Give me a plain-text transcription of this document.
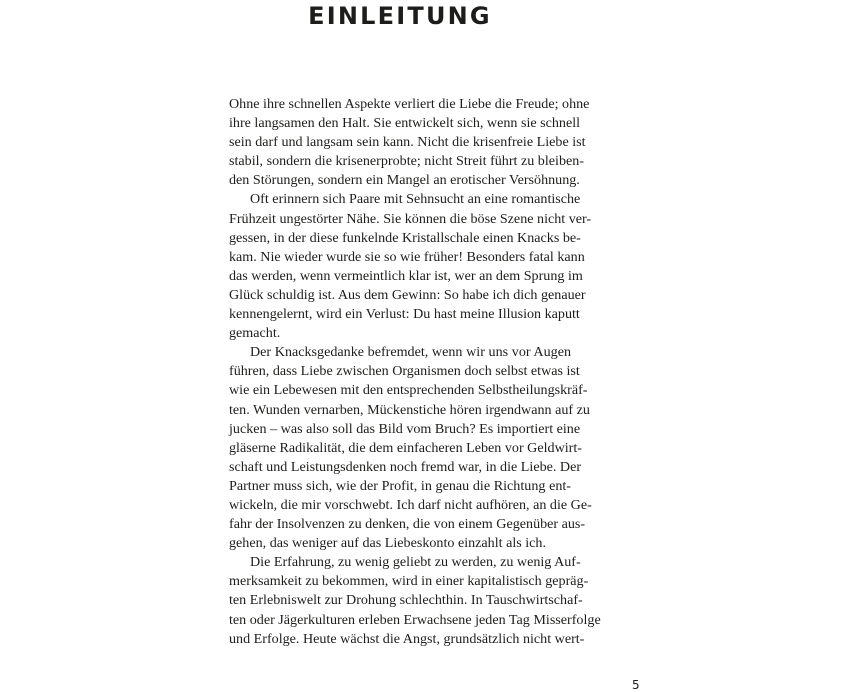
EINLEITUNG

Ohne ihre schnellen Aspekte verliert die Liebe die Freude; ohne
ihre langsamen den Halt. Sie entwickelt sich, wenn sie schnell
sein darf und langsam sein kann. Nicht die krisenfreie Liebe ist
stabil, sondern die krisenerprobte; nicht Streit führt zu bleiben-
den Störungen, sondern ein Mangel an erotischer Versöhnung.

Oft erinnern sich Paare mit Sehnsucht an eine romantische
Frühzeit ungestörter Nähe. Sie können die böse Szene nicht ver-
gessen, in der diese funkelnde Kristallschale einen Knacks be-
kam. Nie wieder wurde sie so wie früher! Besonders fatal kann
das werden, wenn vermeintlich klar ist, wer an dem Sprung im
Glück schuldig ist. Aus dem Gewinn: So habe ich dich genauer
kennengelernt, wird ein Verlust: Du hast meine Illusion kaputt
gemacht.

Der Knacksgedanke befremdet, wenn wir uns vor Augen
führen, dass Liebe zwischen Organismen doch selbst etwas ist
wie ein Lebewesen mit den entsprechenden Selbstheilungskräf-
ten. Wunden vernarben, Mückenstiche hören irgendwann auf zu
jucken – was also soll das Bild vom Bruch? Es importiert eine
gläserne Radikalität, die dem einfacheren Leben vor Geldwirt-
schaft und Leistungsdenken noch fremd war, in die Liebe. Der
Partner muss sich, wie der Profit, in genau die Richtung ent-
wickeln, die mir vorschwebt. Ich darf nicht aufhören, an die Ge-
fahr der Insolvenzen zu denken, die von einem Gegenüber aus-
gehen, das weniger auf das Liebeskonto einzahlt als ich.

Die Erfahrung, zu wenig geliebt zu werden, zu wenig Auf-
merksamkeit zu bekommen, wird in einer kapitalistisch gepräg-
ten Erlebniswelt zur Drohung schlechthin. In Tauschwirtschaf-
ten oder Jägerkulturen erleben Erwachsene jeden Tag Misserfolge
und Erfolge. Heute wächst die Angst, grundsätzlich nicht wert-

5
